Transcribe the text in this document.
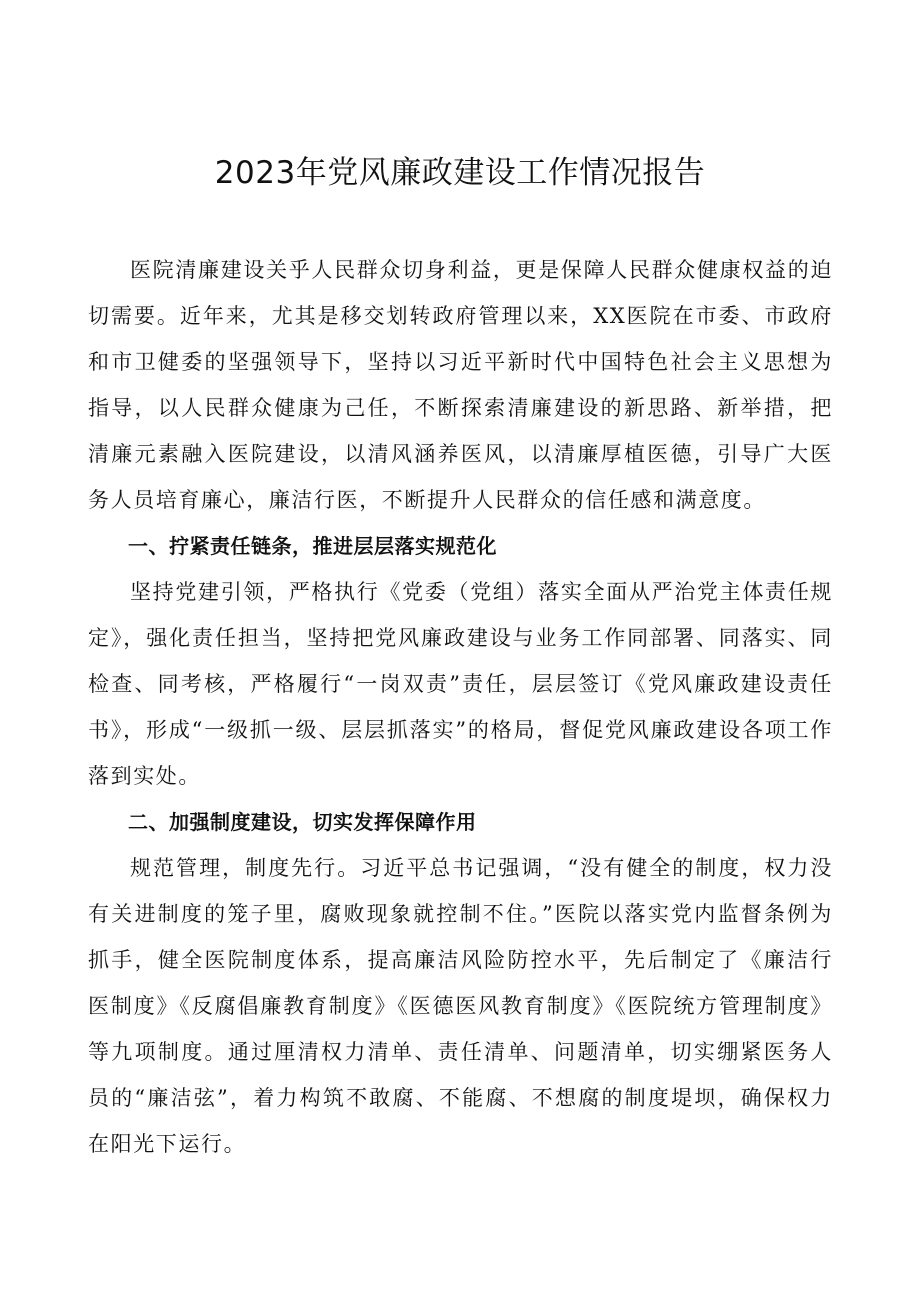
2023年党风廉政建设工作情况报告

医院清廉建设关乎人民群众切身利益，更是保障人民群众健康权益的迫切需要。近年来，尤其是移交划转政府管理以来，XX医院在市委、市政府和市卫健委的坚强领导下，坚持以习近平新时代中国特色社会主义思想为指导，以人民群众健康为己任，不断探索清廉建设的新思路、新举措，把清廉元素融入医院建设，以清风涵养医风，以清廉厚植医德，引导广大医务人员培育廉心，廉洁行医，不断提升人民群众的信任感和满意度。

一、拧紧责任链条，推进层层落实规范化

坚持党建引领，严格执行《党委（党组）落实全面从严治党主体责任规定》，强化责任担当，坚持把党风廉政建设与业务工作同部署、同落实、同检查、同考核，严格履行“一岗双责”责任，层层签订《党风廉政建设责任书》，形成“一级抓一级、层层抓落实”的格局，督促党风廉政建设各项工作落到实处。

二、加强制度建设，切实发挥保障作用

规范管理，制度先行。习近平总书记强调，“没有健全的制度，权力没有关进制度的笼子里，腐败现象就控制不住。”医院以落实党内监督条例为抓手，健全医院制度体系，提高廉洁风险防控水平，先后制定了《廉洁行医制度》《反腐倡廉教育制度》《医德医风教育制度》《医院统方管理制度》等九项制度。通过厘清权力清单、责任清单、问题清单，切实绷紧医务人员的“廉洁弦”，着力构筑不敢腐、不能腐、不想腐的制度堤坝，确保权力在阳光下运行。
